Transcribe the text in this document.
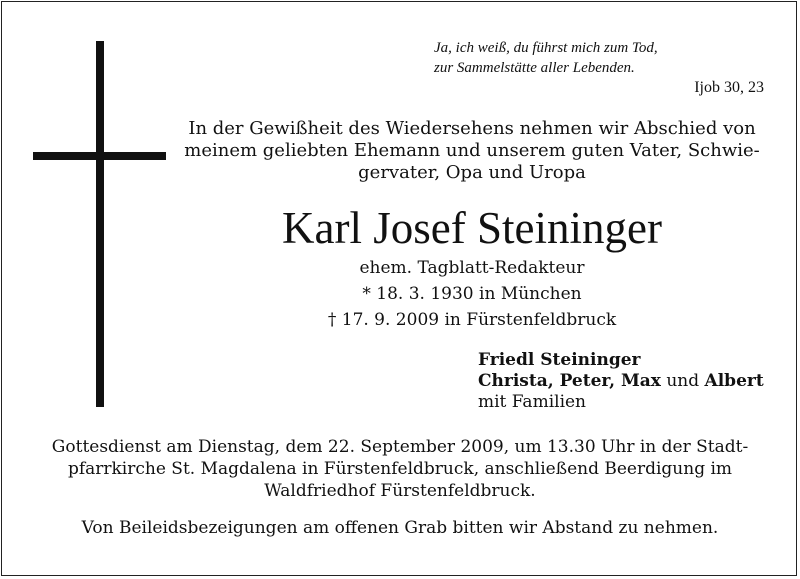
Ja, ich weiß, du führst mich zum Tod,
zur Sammelstätte aller Lebenden.
Ijob 30, 23
In der Gewißheit des Wiedersehens nehmen wir Abschied von
meinem geliebten Ehemann und unserem guten Vater, Schwie-
gervater, Opa und Uropa
Karl Josef Steininger
ehem. Tagblatt-Redakteur
* 18. 3. 1930 in München
† 17. 9. 2009 in Fürstenfeldbruck
Friedl Steininger
Christa, Peter, Max und Albert
mit Familien
Gottesdienst am Dienstag, dem 22. September 2009, um 13.30 Uhr in der Stadt-
pfarrkirche St. Magdalena in Fürstenfeldbruck, anschließend Beerdigung im
Waldfriedhof Fürstenfeldbruck.
Von Beileidsbezeigungen am offenen Grab bitten wir Abstand zu nehmen.
